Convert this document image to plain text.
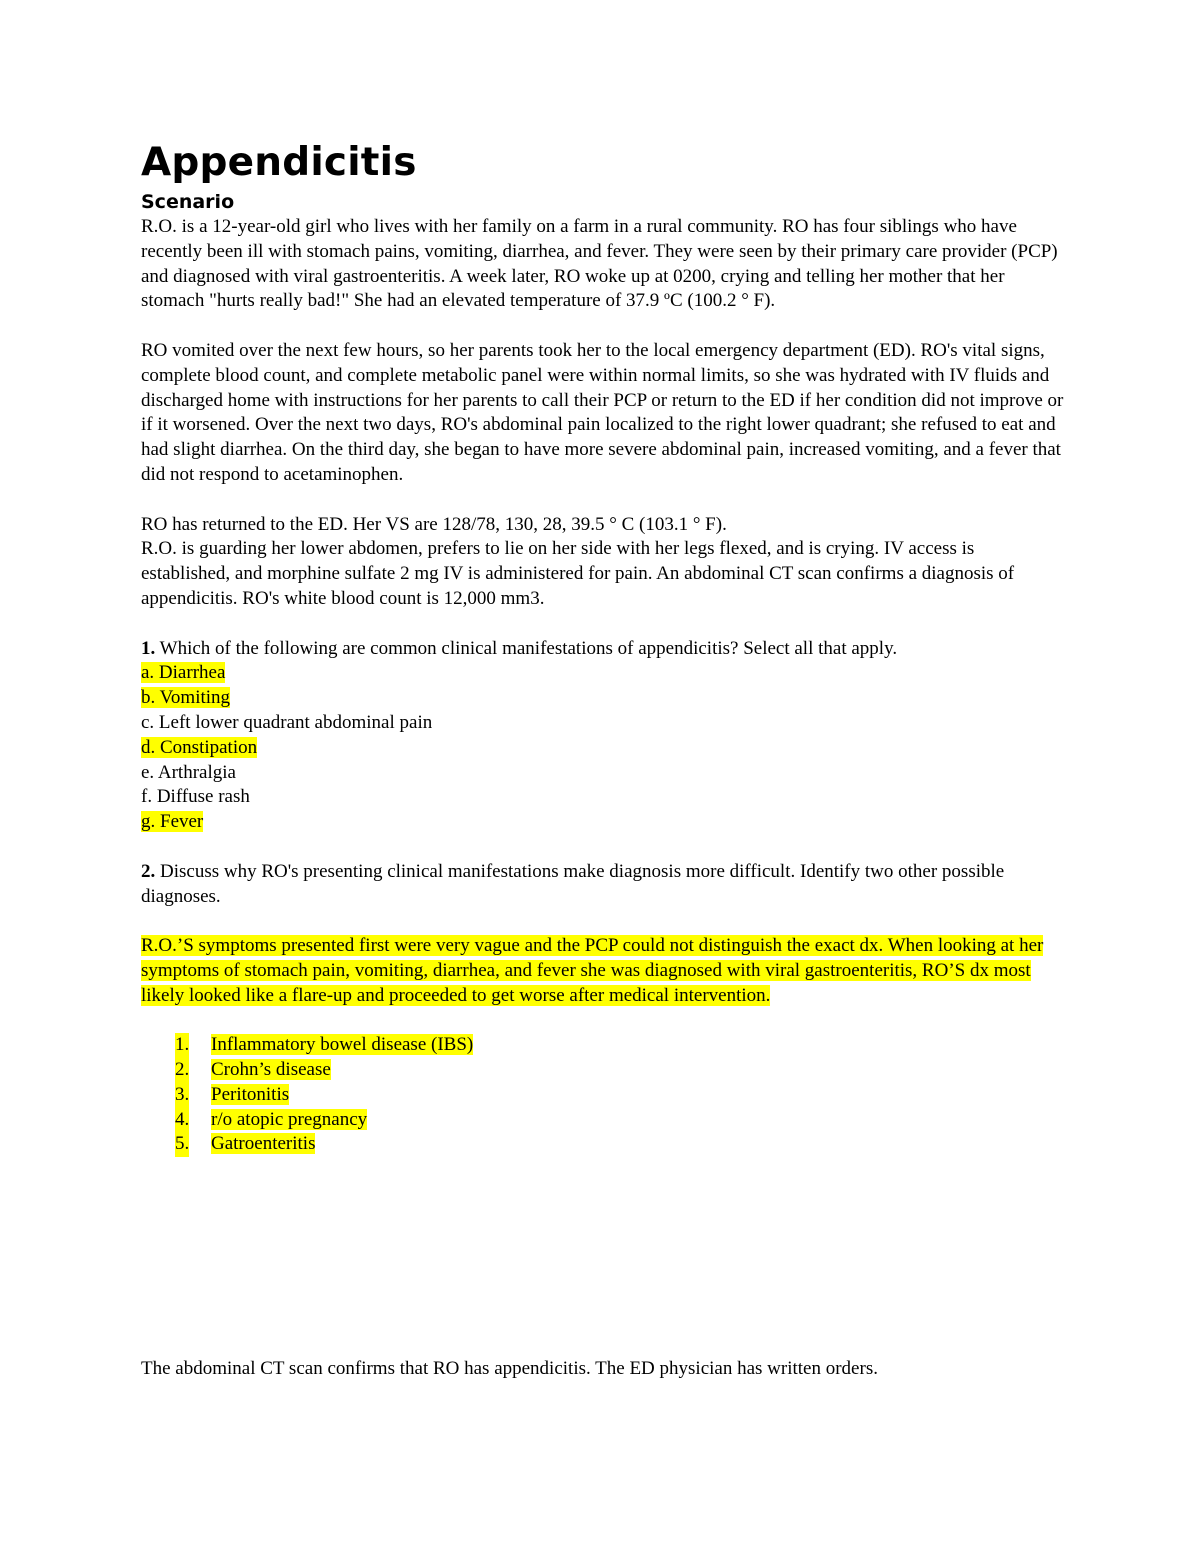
Appendicitis
Scenario

R.O. is a 12-year-old girl who lives with her family on a farm in a rural community. RO has four siblings who have recently been ill with stomach pains, vomiting, diarrhea, and fever. They were seen by their primary care provider (PCP) and diagnosed with viral gastroenteritis. A week later, RO woke up at 0200, crying and telling her mother that her stomach "hurts really bad!" She had an elevated temperature of 37.9 ºC (100.2 ° F).

RO vomited over the next few hours, so her parents took her to the local emergency department (ED). RO's vital signs, complete blood count, and complete metabolic panel were within normal limits, so she was hydrated with IV fluids and discharged home with instructions for her parents to call their PCP or return to the ED if her condition did not improve or if it worsened. Over the next two days, RO's abdominal pain localized to the right lower quadrant; she refused to eat and had slight diarrhea. On the third day, she began to have more severe abdominal pain, increased vomiting, and a fever that did not respond to acetaminophen.

RO has returned to the ED. Her VS are 128/78, 130, 28, 39.5 ° C (103.1 ° F).

R.O. is guarding her lower abdomen, prefers to lie on her side with her legs flexed, and is crying. IV access is established, and morphine sulfate 2 mg IV is administered for pain. An abdominal CT scan confirms a diagnosis of appendicitis. RO's white blood count is 12,000 mm3.

1. Which of the following are common clinical manifestations of appendicitis? Select all that apply.

a. Diarrhea
b. Vomiting
c. Left lower quadrant abdominal pain
d. Constipation
e. Arthralgia
f. Diffuse rash
g. Fever

2. Discuss why RO's presenting clinical manifestations make diagnosis more difficult. Identify two other possible diagnoses.

R.O.’S symptoms presented first were very vague and the PCP could not distinguish the exact dx. When looking at her symptoms of stomach pain, vomiting, diarrhea, and fever she was diagnosed with viral gastroenteritis, RO’S dx most likely looked like a flare-up and proceeded to get worse after medical intervention.

1. Inflammatory bowel disease (IBS)
2. Crohn’s disease
3. Peritonitis
4. r/o atopic pregnancy
5. Gatroenteritis

The abdominal CT scan confirms that RO has appendicitis. The ED physician has written orders.
